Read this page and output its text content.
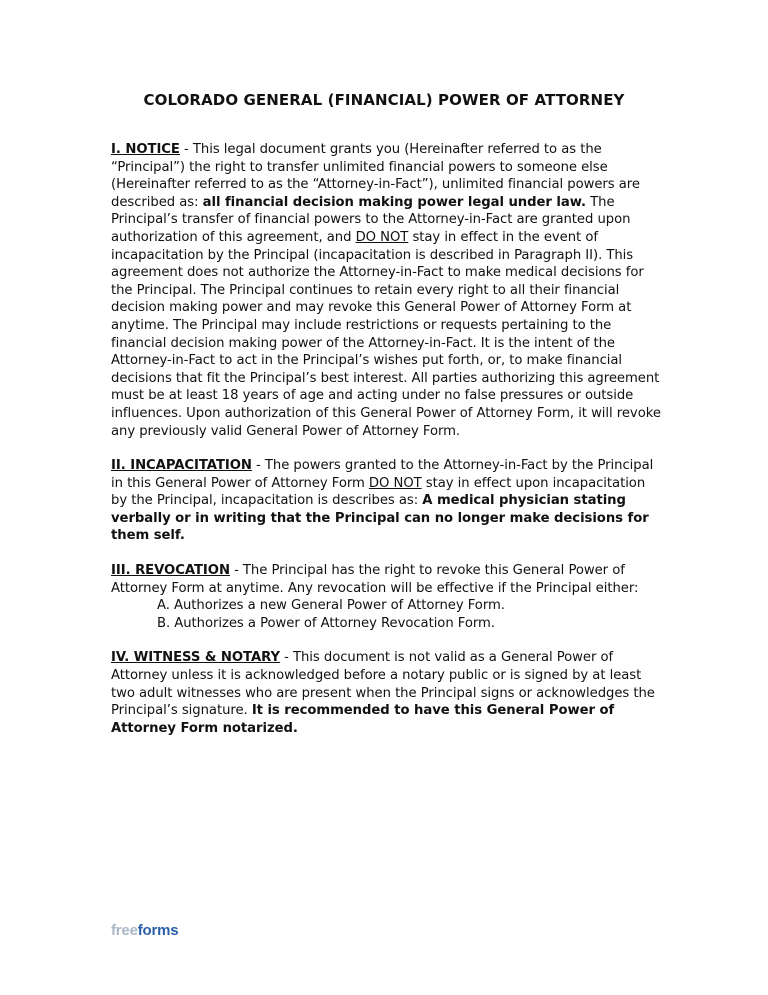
COLORADO GENERAL (FINANCIAL) POWER OF ATTORNEY

I. NOTICE - This legal document grants you (Hereinafter referred to as the “Principal”) the right to transfer unlimited financial powers to someone else (Hereinafter referred to as the “Attorney-in-Fact”), unlimited financial powers are described as: all financial decision making power legal under law. The Principal’s transfer of financial powers to the Attorney-in-Fact are granted upon authorization of this agreement, and DO NOT stay in effect in the event of incapacitation by the Principal (incapacitation is described in Paragraph II). This agreement does not authorize the Attorney-in-Fact to make medical decisions for the Principal. The Principal continues to retain every right to all their financial decision making power and may revoke this General Power of Attorney Form at anytime. The Principal may include restrictions or requests pertaining to the financial decision making power of the Attorney-in-Fact. It is the intent of the Attorney-in-Fact to act in the Principal’s wishes put forth, or, to make financial decisions that fit the Principal’s best interest. All parties authorizing this agreement must be at least 18 years of age and acting under no false pressures or outside influences. Upon authorization of this General Power of Attorney Form, it will revoke any previously valid General Power of Attorney Form.

II. INCAPACITATION - The powers granted to the Attorney-in-Fact by the Principal in this General Power of Attorney Form DO NOT stay in effect upon incapacitation by the Principal, incapacitation is describes as: A medical physician stating verbally or in writing that the Principal can no longer make decisions for them self.

III. REVOCATION - The Principal has the right to revoke this General Power of Attorney Form at anytime. Any revocation will be effective if the Principal either:
A. Authorizes a new General Power of Attorney Form.
B. Authorizes a Power of Attorney Revocation Form.

IV. WITNESS & NOTARY - This document is not valid as a General Power of Attorney unless it is acknowledged before a notary public or is signed by at least two adult witnesses who are present when the Principal signs or acknowledges the Principal’s signature. It is recommended to have this General Power of Attorney Form notarized.

freeforms
